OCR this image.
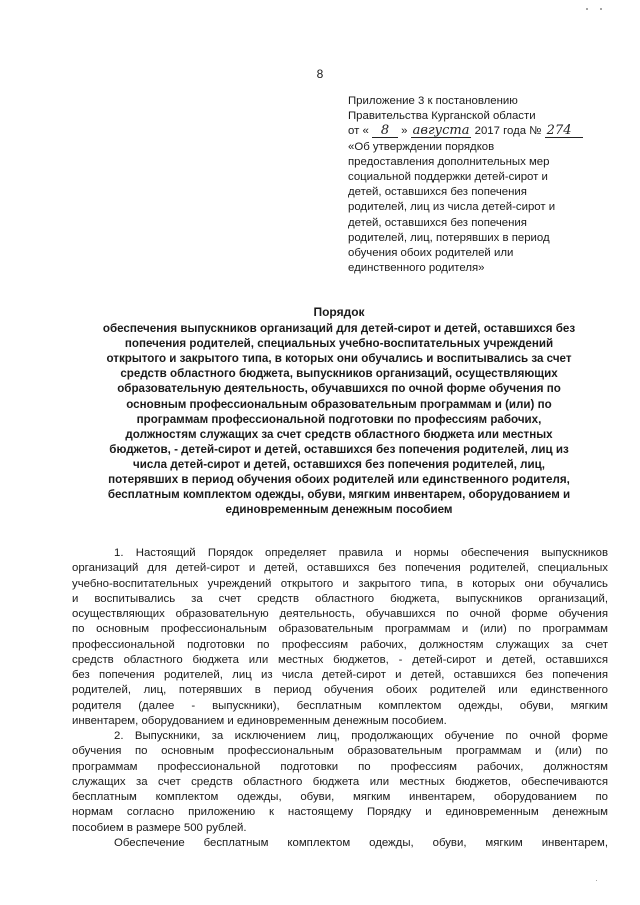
8
Приложение 3 к постановлению
Правительства Курганской области
от « 8 » августа 2017 года № 274
«Об утверждении порядков
предоставления дополнительных мер
социальной поддержки детей-сирот и
детей, оставшихся без попечения
родителей, лиц из числа детей-сирот и
детей, оставшихся без попечения
родителей, лиц, потерявших в период
обучения обоих родителей или
единственного родителя»
Порядок
обеспечения выпускников организаций для детей-сирот и детей, оставшихся без
попечения родителей, специальных учебно-воспитательных учреждений
открытого и закрытого типа, в которых они обучались и воспитывались за счет
средств областного бюджета, выпускников организаций, осуществляющих
образовательную деятельность, обучавшихся по очной форме обучения по
основным профессиональным образовательным программам и (или) по
программам профессиональной подготовки по профессиям рабочих,
должностям служащих за счет средств областного бюджета или местных
бюджетов, - детей-сирот и детей, оставшихся без попечения родителей, лиц из
числа детей-сирот и детей, оставшихся без попечения родителей, лиц,
потерявших в период обучения обоих родителей или единственного родителя,
бесплатным комплектом одежды, обуви, мягким инвентарем, оборудованием и
единовременным денежным пособием
1. Настоящий Порядок определяет правила и нормы обеспечения выпускников
организаций для детей-сирот и детей, оставшихся без попечения родителей, специальных
учебно-воспитательных учреждений открытого и закрытого типа, в которых они обучались
и воспитывались за счет средств областного бюджета, выпускников организаций,
осуществляющих образовательную деятельность, обучавшихся по очной форме обучения
по основным профессиональным образовательным программам и (или) по программам
профессиональной подготовки по профессиям рабочих, должностям служащих за счет
средств областного бюджета или местных бюджетов, - детей-сирот и детей, оставшихся
без попечения родителей, лиц из числа детей-сирот и детей, оставшихся без попечения
родителей, лиц, потерявших в период обучения обоих родителей или единственного
родителя (далее - выпускники), бесплатным комплектом одежды, обуви, мягким
инвентарем, оборудованием и единовременным денежным пособием.
2. Выпускники, за исключением лиц, продолжающих обучение по очной форме
обучения по основным профессиональным образовательным программам и (или) по
программам профессиональной подготовки по профессиям рабочих, должностям
служащих за счет средств областного бюджета или местных бюджетов, обеспечиваются
бесплатным комплектом одежды, обуви, мягким инвентарем, оборудованием по
нормам согласно приложению к настоящему Порядку и единовременным денежным
пособием в размере 500 рублей.
Обеспечение бесплатным комплектом одежды, обуви, мягким инвентарем,
